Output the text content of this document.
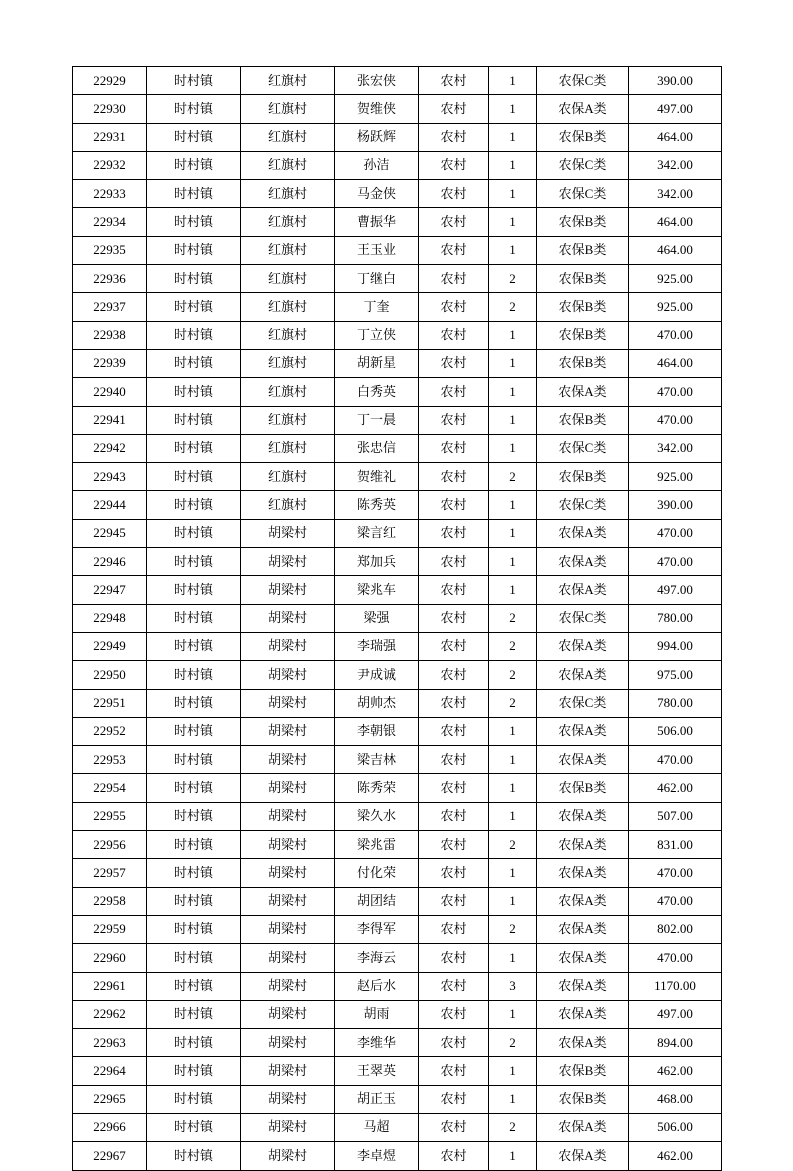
22929	时村镇	红旗村	张宏侠	农村	1	农保C类	390.00
22930	时村镇	红旗村	贺维侠	农村	1	农保A类	497.00
22931	时村镇	红旗村	杨跃辉	农村	1	农保B类	464.00
22932	时村镇	红旗村	孙洁	农村	1	农保C类	342.00
22933	时村镇	红旗村	马金侠	农村	1	农保C类	342.00
22934	时村镇	红旗村	曹振华	农村	1	农保B类	464.00
22935	时村镇	红旗村	王玉业	农村	1	农保B类	464.00
22936	时村镇	红旗村	丁继白	农村	2	农保B类	925.00
22937	时村镇	红旗村	丁奎	农村	2	农保B类	925.00
22938	时村镇	红旗村	丁立侠	农村	1	农保B类	470.00
22939	时村镇	红旗村	胡新星	农村	1	农保B类	464.00
22940	时村镇	红旗村	白秀英	农村	1	农保A类	470.00
22941	时村镇	红旗村	丁一晨	农村	1	农保B类	470.00
22942	时村镇	红旗村	张忠信	农村	1	农保C类	342.00
22943	时村镇	红旗村	贺维礼	农村	2	农保B类	925.00
22944	时村镇	红旗村	陈秀英	农村	1	农保C类	390.00
22945	时村镇	胡梁村	梁言红	农村	1	农保A类	470.00
22946	时村镇	胡梁村	郑加兵	农村	1	农保A类	470.00
22947	时村镇	胡梁村	梁兆车	农村	1	农保A类	497.00
22948	时村镇	胡梁村	梁强	农村	2	农保C类	780.00
22949	时村镇	胡梁村	李瑞强	农村	2	农保A类	994.00
22950	时村镇	胡梁村	尹成诚	农村	2	农保A类	975.00
22951	时村镇	胡梁村	胡帅杰	农村	2	农保C类	780.00
22952	时村镇	胡梁村	李朝银	农村	1	农保A类	506.00
22953	时村镇	胡梁村	梁吉林	农村	1	农保A类	470.00
22954	时村镇	胡梁村	陈秀荣	农村	1	农保B类	462.00
22955	时村镇	胡梁村	梁久水	农村	1	农保A类	507.00
22956	时村镇	胡梁村	梁兆雷	农村	2	农保A类	831.00
22957	时村镇	胡梁村	付化荣	农村	1	农保A类	470.00
22958	时村镇	胡梁村	胡团结	农村	1	农保A类	470.00
22959	时村镇	胡梁村	李得军	农村	2	农保A类	802.00
22960	时村镇	胡梁村	李海云	农村	1	农保A类	470.00
22961	时村镇	胡梁村	赵后水	农村	3	农保A类	1170.00
22962	时村镇	胡梁村	胡雨	农村	1	农保A类	497.00
22963	时村镇	胡梁村	李维华	农村	2	农保A类	894.00
22964	时村镇	胡梁村	王翠英	农村	1	农保B类	462.00
22965	时村镇	胡梁村	胡正玉	农村	1	农保B类	468.00
22966	时村镇	胡梁村	马超	农村	2	农保A类	506.00
22967	时村镇	胡梁村	李卓煜	农村	1	农保A类	462.00
